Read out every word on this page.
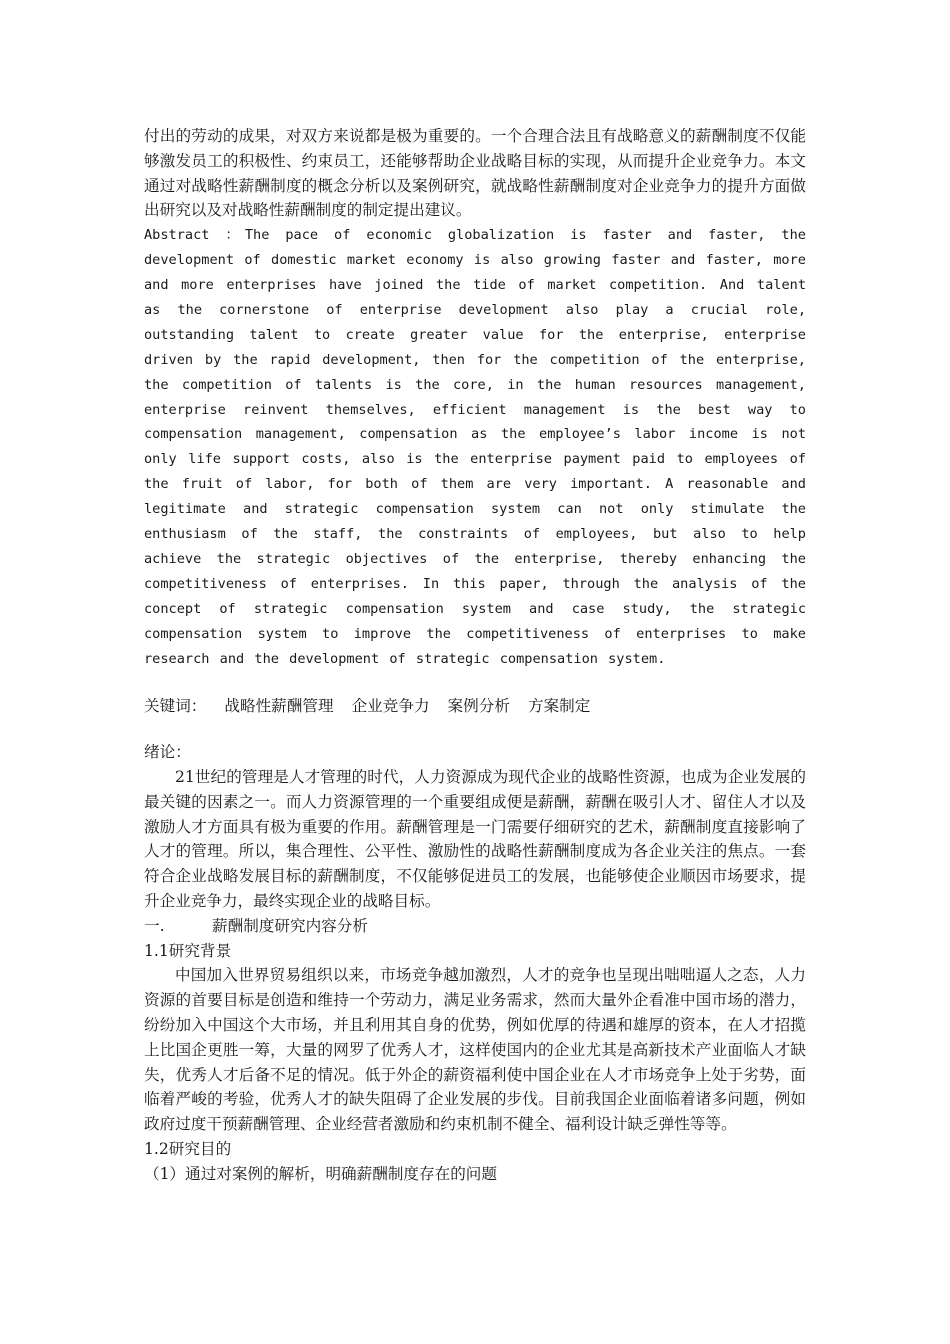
付出的劳动的成果，对双方来说都是极为重要的。一个合理合法且有战略意义的薪酬制度不仅能够激发员工的积极性、约束员工，还能够帮助企业战略目标的实现，从而提升企业竞争力。本文通过对战略性薪酬制度的概念分析以及案例研究，就战略性薪酬制度对企业竞争力的提升方面做出研究以及对战略性薪酬制度的制定提出建议。

Abstract ：The pace of economic globalization is faster and faster, the development of domestic market economy is also growing faster and faster, more and more enterprises have joined the tide of market competition. And talent as the cornerstone of enterprise development also play a crucial role, outstanding talent to create greater value for the enterprise, enterprise driven by the rapid development, then for the competition of the enterprise, the competition of talents is the core, in the human resources management, enterprise reinvent themselves, efficient management is the best way to compensation management, compensation as the employee’s labor income is not only life support costs, also is the enterprise payment paid to employees of the fruit of labor, for both of them are very important. A reasonable and legitimate and strategic compensation system can not only stimulate the enthusiasm of the staff, the constraints of employees, but also to help achieve the strategic objectives of the enterprise, thereby enhancing the competitiveness of enterprises. In this paper, through the analysis of the concept of strategic compensation system and case study, the strategic compensation system to improve the competitiveness of enterprises to make research and the development of strategic compensation system.

关键词： 战略性薪酬管理 企业竞争力 案例分析 方案制定

绪论：

21世纪的管理是人才管理的时代，人力资源成为现代企业的战略性资源，也成为企业发展的最关键的因素之一。而人力资源管理的一个重要组成便是薪酬，薪酬在吸引人才、留住人才以及激励人才方面具有极为重要的作用。薪酬管理是一门需要仔细研究的艺术，薪酬制度直接影响了人才的管理。所以，集合理性、公平性、激励性的战略性薪酬制度成为各企业关注的焦点。一套符合企业战略发展目标的薪酬制度，不仅能够促进员工的发展，也能够使企业顺因市场要求，提升企业竞争力，最终实现企业的战略目标。

一.	薪酬制度研究内容分析

1.1研究背景

中国加入世界贸易组织以来，市场竞争越加激烈，人才的竞争也呈现出咄咄逼人之态，人力资源的首要目标是创造和维持一个劳动力，满足业务需求，然而大量外企看准中国市场的潜力，纷纷加入中国这个大市场，并且利用其自身的优势，例如优厚的待遇和雄厚的资本，在人才招揽上比国企更胜一筹，大量的网罗了优秀人才，这样使国内的企业尤其是高新技术产业面临人才缺失，优秀人才后备不足的情况。低于外企的薪资福利使中国企业在人才市场竞争上处于劣势，面临着严峻的考验，优秀人才的缺失阻碍了企业发展的步伐。目前我国企业面临着诸多问题，例如政府过度干预薪酬管理、企业经营者激励和约束机制不健全、福利设计缺乏弹性等等。

1.2研究目的

（1）通过对案例的解析，明确薪酬制度存在的问题
